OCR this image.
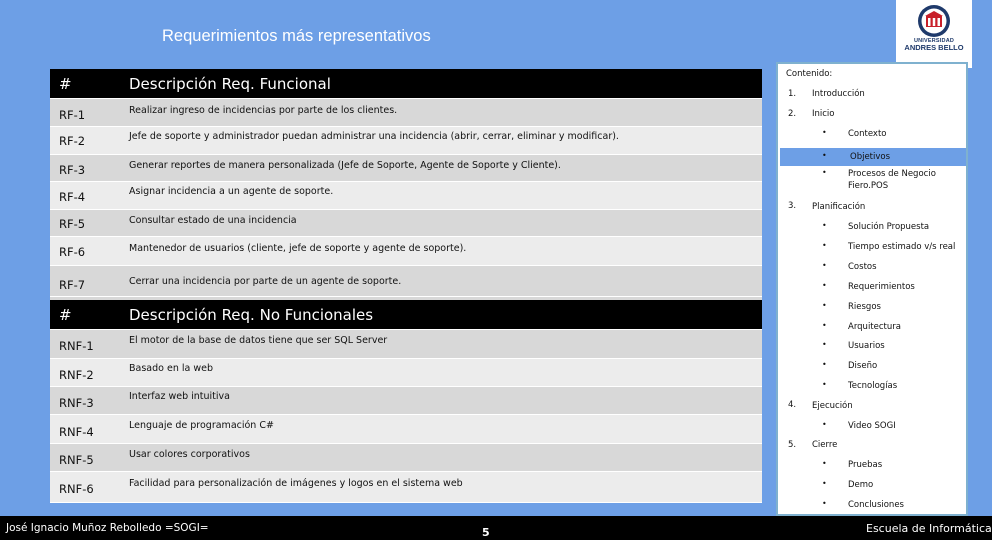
Requerimientos más representativos	UNIVERSIDAD
ANDRES BELLO
#	Descripción Req. Funcional
RF-1	Realizar ingreso de incidencias por parte de los clientes.
RF-2	Jefe de soporte y administrador puedan administrar una incidencia (abrir, cerrar, eliminar y modificar).
RF-3	Generar reportes de manera personalizada (Jefe de Soporte, Agente de Soporte y Cliente).
RF-4	Asignar incidencia a un agente de soporte.
RF-5	Consultar estado de una incidencia
RF-6	Mantenedor de usuarios (cliente, jefe de soporte y agente de soporte).
RF-7	Cerrar una incidencia por parte de un agente de soporte.
#	Descripción Req. No Funcionales
RNF-1	El motor de la base de datos tiene que ser SQL Server
RNF-2	Basado en la web
RNF-3	Interfaz web intuitiva
RNF-4	Lenguaje de programación C#
RNF-5	Usar colores corporativos
RNF-6	Facilidad para personalización de imágenes y logos en el sistema web
Contenido:
1. Introducción
2. Inicio
•	Contexto
•	Objetivos
•	Procesos de Negocio
Fiero.POS
3. Planificación
•	Solución Propuesta
•	Tiempo estimado v/s real
•	Costos
•	Requerimientos
•	Riesgos
•	Arquitectura
•	Usuarios
•	Diseño
•	Tecnologías
4. Ejecución
•	Video SOGI
5. Cierre
•	Pruebas
•	Demo
•	Conclusiones
José Ignacio Muñoz Rebolledo =SOGI=	5	Escuela de Informática
